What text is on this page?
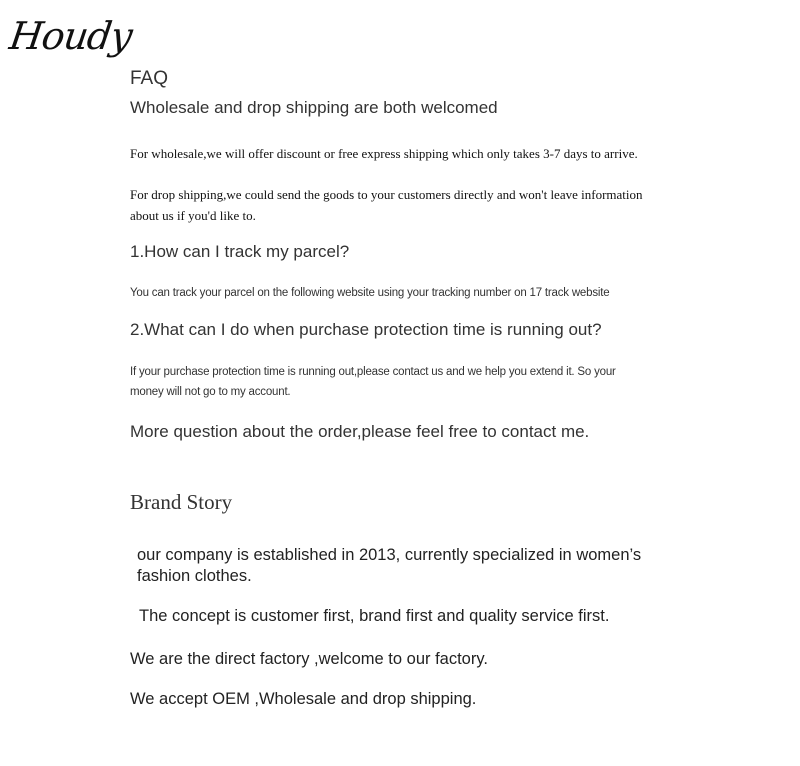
Houdy
FAQ
Wholesale and drop shipping are both welcomed
For wholesale,we will offer discount or free express shipping which only takes 3-7 days to arrive.
For drop shipping,we could send the goods to your customers directly and won't leave information
about us if you'd like to.
1.How can I track my parcel?
You can track your parcel on the following website using your tracking number on 17 track website
2.What can I do when purchase protection time is running out?
If your purchase protection time is running out,please contact us and we help you extend it. So your
money will not go to my account.
More question about the order,please feel free to contact me.
Brand Story
our company is established in 2013, currently specialized in women’s
fashion clothes.
The concept is customer first, brand first and quality service first.
We are the direct factory ,welcome to our factory.
We accept OEM ,Wholesale and drop shipping.
